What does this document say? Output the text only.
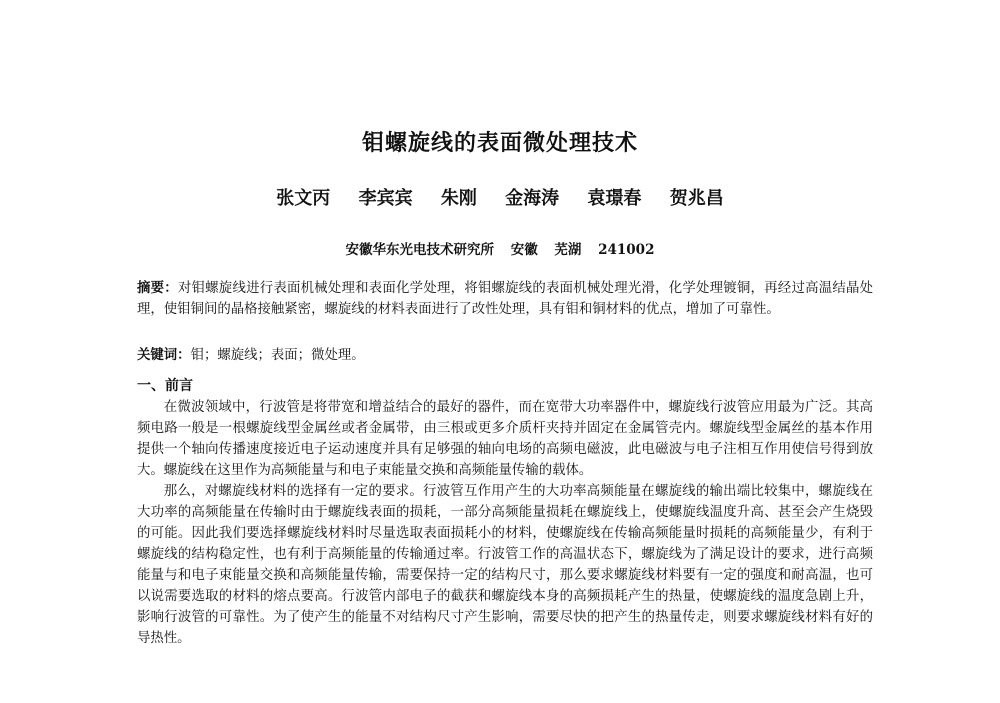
钼螺旋线的表面微处理技术
张文丙 李宾宾 朱刚 金海涛 袁璟春 贺兆昌
安徽华东光电技术研究所 安徽 芜湖 241002

摘要：对钼螺旋线进行表面机械处理和表面化学处理，将钼螺旋线的表面机械处理光滑，化学处理镀铜，再经过高温结晶处理，使钼铜间的晶格接触紧密，螺旋线的材料表面进行了改性处理，具有钼和铜材料的优点，增加了可靠性。

关键词：钼；螺旋线；表面；微处理。

一、前言

在微波领域中，行波管是将带宽和增益结合的最好的器件，而在宽带大功率器件中，螺旋线行波管应用最为广泛。其高频电路一般是一根螺旋线型金属丝或者金属带，由三根或更多介质杆夹持并固定在金属管壳内。螺旋线型金属丝的基本作用提供一个轴向传播速度接近电子运动速度并具有足够强的轴向电场的高频电磁波，此电磁波与电子注相互作用使信号得到放大。螺旋线在这里作为高频能量与和电子束能量交换和高频能量传输的载体。

那么，对螺旋线材料的选择有一定的要求。行波管互作用产生的大功率高频能量在螺旋线的输出端比较集中，螺旋线在大功率的高频能量在传输时由于螺旋线表面的损耗，一部分高频能量损耗在螺旋线上，使螺旋线温度升高、甚至会产生烧毁的可能。因此我们要选择螺旋线材料时尽量选取表面损耗小的材料，使螺旋线在传输高频能量时损耗的高频能量少，有利于螺旋线的结构稳定性，也有利于高频能量的传输通过率。行波管工作的高温状态下，螺旋线为了满足设计的要求，进行高频能量与和电子束能量交换和高频能量传输，需要保持一定的结构尺寸，那么要求螺旋线材料要有一定的强度和耐高温，也可以说需要选取的材料的熔点要高。行波管内部电子的截获和螺旋线本身的高频损耗产生的热量，使螺旋线的温度急剧上升，影响行波管的可靠性。为了使产生的能量不对结构尺寸产生影响，需要尽快的把产生的热量传走，则要求螺旋线材料有好的导热性。
